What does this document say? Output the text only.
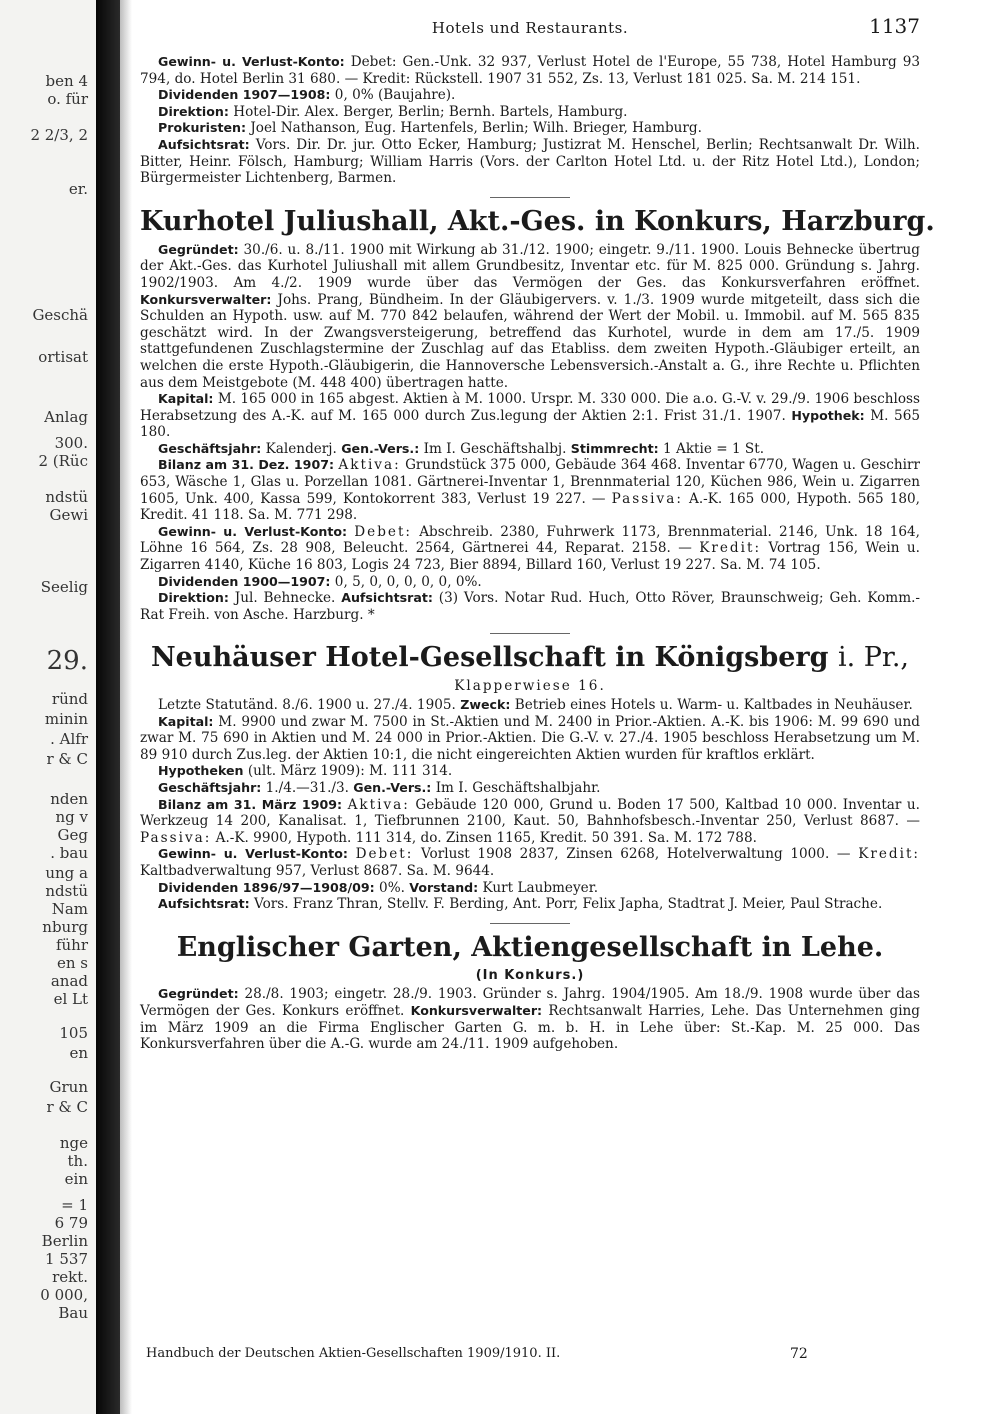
ben 4
o. für
2 2/3, 2
er.
Geschä
ortisat
Anlag
300.
2 (Rüc
ndstü
Gewi
Seelig
29.
ründ
minin
. Alfr
r & C
nden
ng v
Geg
. bau
ung a
ndstü
Nam
nburg
führ
en s
anad
el Lt
105
en
Grun
r & C
nge
th.
ein
= 1
6 79
Berlin
1 537
rekt.
0 000,
Bau
Hotels und Restaurants.	1137

Gewinn- u. Verlust-Konto: Debet: Gen.-Unk. 32 937, Verlust Hotel de l'Europe, 55 738, Hotel Hamburg 93 794, do. Hotel Berlin 31 680. — Kredit: Rückstell. 1907 31 552, Zs. 13, Verlust 181 025. Sa. M. 214 151.

Dividenden 1907—1908: 0, 0% (Baujahre).

Direktion: Hotel-Dir. Alex. Berger, Berlin; Bernh. Bartels, Hamburg.

Prokuristen: Joel Nathanson, Eug. Hartenfels, Berlin; Wilh. Brieger, Hamburg.

Aufsichtsrat: Vors. Dir. Dr. jur. Otto Ecker, Hamburg; Justizrat M. Henschel, Berlin; Rechtsanwalt Dr. Wilh. Bitter, Heinr. Fölsch, Hamburg; William Harris (Vors. der Carlton Hotel Ltd. u. der Ritz Hotel Ltd.), London; Bürgermeister Lichtenberg, Barmen.

Kurhotel Juliushall, Akt.-Ges. in Konkurs, Harzburg.

Gegründet: 30./6. u. 8./11. 1900 mit Wirkung ab 31./12. 1900; eingetr. 9./11. 1900. Louis Behnecke übertrug der Akt.-Ges. das Kurhotel Juliushall mit allem Grundbesitz, Inventar etc. für M. 825 000. Gründung s. Jahrg. 1902/1903. Am 4./2. 1909 wurde über das Vermögen der Ges. das Konkursverfahren eröffnet. Konkursverwalter: Johs. Prang, Bündheim. In der Gläubigervers. v. 1./3. 1909 wurde mitgeteilt, dass sich die Schulden an Hypoth. usw. auf M. 770 842 belaufen, während der Wert der Mobil. u. Immobil. auf M. 565 835 geschätzt wird. In der Zwangsversteigerung, betreffend das Kurhotel, wurde in dem am 17./5. 1909 stattgefundenen Zuschlagstermine der Zuschlag auf das Etabliss. dem zweiten Hypoth.-Gläubiger erteilt, an welchen die erste Hypoth.-Gläubigerin, die Hannoversche Lebensversich.-Anstalt a. G., ihre Rechte u. Pflichten aus dem Meistgebote (M. 448 400) übertragen hatte.

Kapital: M. 165 000 in 165 abgest. Aktien à M. 1000. Urspr. M. 330 000. Die a.o. G.-V. v. 29./9. 1906 beschloss Herabsetzung des A.-K. auf M. 165 000 durch Zus.legung der Aktien 2:1. Frist 31./1. 1907. Hypothek: M. 565 180.

Geschäftsjahr: Kalenderj. Gen.-Vers.: Im I. Geschäftshalbj. Stimmrecht: 1 Aktie = 1 St.

Bilanz am 31. Dez. 1907: Aktiva: Grundstück 375 000, Gebäude 364 468. Inventar 6770, Wagen u. Geschirr 653, Wäsche 1, Glas u. Porzellan 1081. Gärtnerei-Inventar 1, Brennmaterial 120, Küchen 986, Wein u. Zigarren 1605, Unk. 400, Kassa 599, Kontokorrent 383, Verlust 19 227. — Passiva: A.-K. 165 000, Hypoth. 565 180, Kredit. 41 118. Sa. M. 771 298.

Gewinn- u. Verlust-Konto: Debet: Abschreib. 2380, Fuhrwerk 1173, Brennmaterial. 2146, Unk. 18 164, Löhne 16 564, Zs. 28 908, Beleucht. 2564, Gärtnerei 44, Reparat. 2158. — Kredit: Vortrag 156, Wein u. Zigarren 4140, Küche 16 803, Logis 24 723, Bier 8894, Billard 160, Verlust 19 227. Sa. M. 74 105.

Dividenden 1900—1907: 0, 5, 0, 0, 0, 0, 0, 0%.

Direktion: Jul. Behnecke. Aufsichtsrat: (3) Vors. Notar Rud. Huch, Otto Röver, Braunschweig; Geh. Komm.-Rat Freih. von Asche. Harzburg. *

Neuhäuser Hotel-Gesellschaft in Königsberg i. Pr.,
Klapperwiese 16.

Letzte Statutänd. 8./6. 1900 u. 27./4. 1905. Zweck: Betrieb eines Hotels u. Warm- u. Kaltbades in Neuhäuser.

Kapital: M. 9900 und zwar M. 7500 in St.-Aktien und M. 2400 in Prior.-Aktien. A.-K. bis 1906: M. 99 690 und zwar M. 75 690 in Aktien und M. 24 000 in Prior.-Aktien. Die G.-V. v. 27./4. 1905 beschloss Herabsetzung um M. 89 910 durch Zus.leg. der Aktien 10:1, die nicht eingereichten Aktien wurden für kraftlos erklärt.

Hypotheken (ult. März 1909): M. 111 314.

Geschäftsjahr: 1./4.—31./3. Gen.-Vers.: Im I. Geschäftshalbjahr.

Bilanz am 31. März 1909: Aktiva: Gebäude 120 000, Grund u. Boden 17 500, Kaltbad 10 000. Inventar u. Werkzeug 14 200, Kanalisat. 1, Tiefbrunnen 2100, Kaut. 50, Bahnhofsbesch.-Inventar 250, Verlust 8687. — Passiva: A.-K. 9900, Hypoth. 111 314, do. Zinsen 1165, Kredit. 50 391. Sa. M. 172 788.

Gewinn- u. Verlust-Konto: Debet: Vorlust 1908 2837, Zinsen 6268, Hotelverwaltung 1000. — Kredit: Kaltbadverwaltung 957, Verlust 8687. Sa. M. 9644.

Dividenden 1896/97—1908/09: 0%. Vorstand: Kurt Laubmeyer.

Aufsichtsrat: Vors. Franz Thran, Stellv. F. Berding, Ant. Porr, Felix Japha, Stadtrat J. Meier, Paul Strache.

Englischer Garten, Aktiengesellschaft in Lehe.
(In Konkurs.)

Gegründet: 28./8. 1903; eingetr. 28./9. 1903. Gründer s. Jahrg. 1904/1905. Am 18./9. 1908 wurde über das Vermögen der Ges. Konkurs eröffnet. Konkursverwalter: Rechtsanwalt Harries, Lehe. Das Unternehmen ging im März 1909 an die Firma Englischer Garten G. m. b. H. in Lehe über: St.-Kap. M. 25 000. Das Konkursverfahren über die A.-G. wurde am 24./11. 1909 aufgehoben.

Handbuch der Deutschen Aktien-Gesellschaften 1909/1910. II.	72
